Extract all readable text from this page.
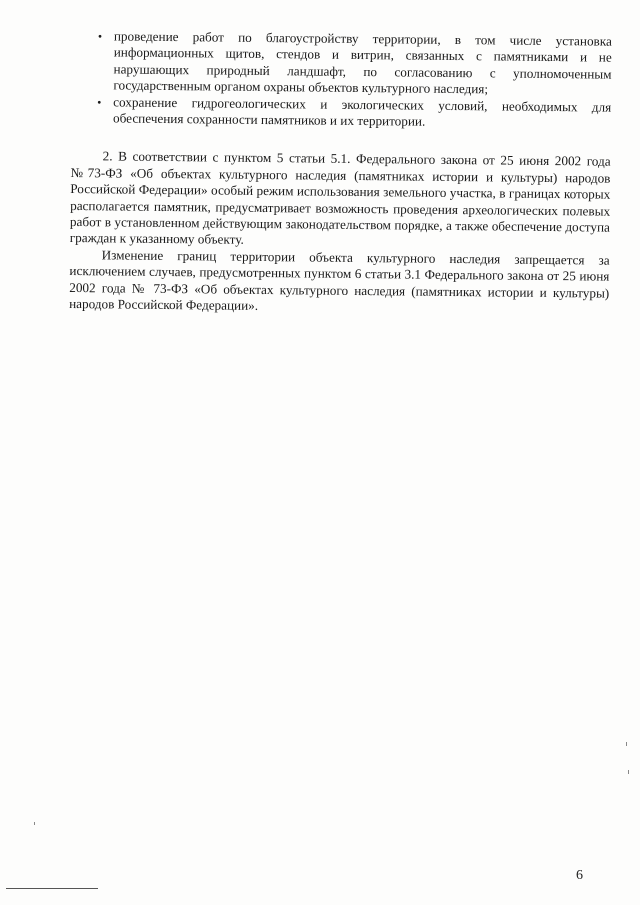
• проведение работ по благоустройству территории, в том числе установка информационных щитов, стендов и витрин, связанных с памятниками и не нарушающих природный ландшафт, по согласованию с уполномоченным государственным органом охраны объектов культурного наследия;
• сохранение гидрогеологических и экологических условий, необходимых для обеспечения сохранности памятников и их территории.

2. В соответствии с пунктом 5 статьи 5.1. Федерального закона от 25 июня 2002 года №73-ФЗ «Об объектах культурного наследия (памятниках истории и культуры) народов Российской Федерации» особый режим использования земельного участка, в границах которых располагается памятник, предусматривает возможность проведения археологических полевых работ в установленном действующим законодательством порядке, а также обеспечение доступа граждан к указанному объекту.

Изменение границ территории объекта культурного наследия запрещается за исключением случаев, предусмотренных пунктом 6 статьи 3.1 Федерального закона от 25 июня 2002 года № 73-ФЗ «Об объектах культурного наследия (памятниках истории и культуры) народов Российской Федерации».

6
